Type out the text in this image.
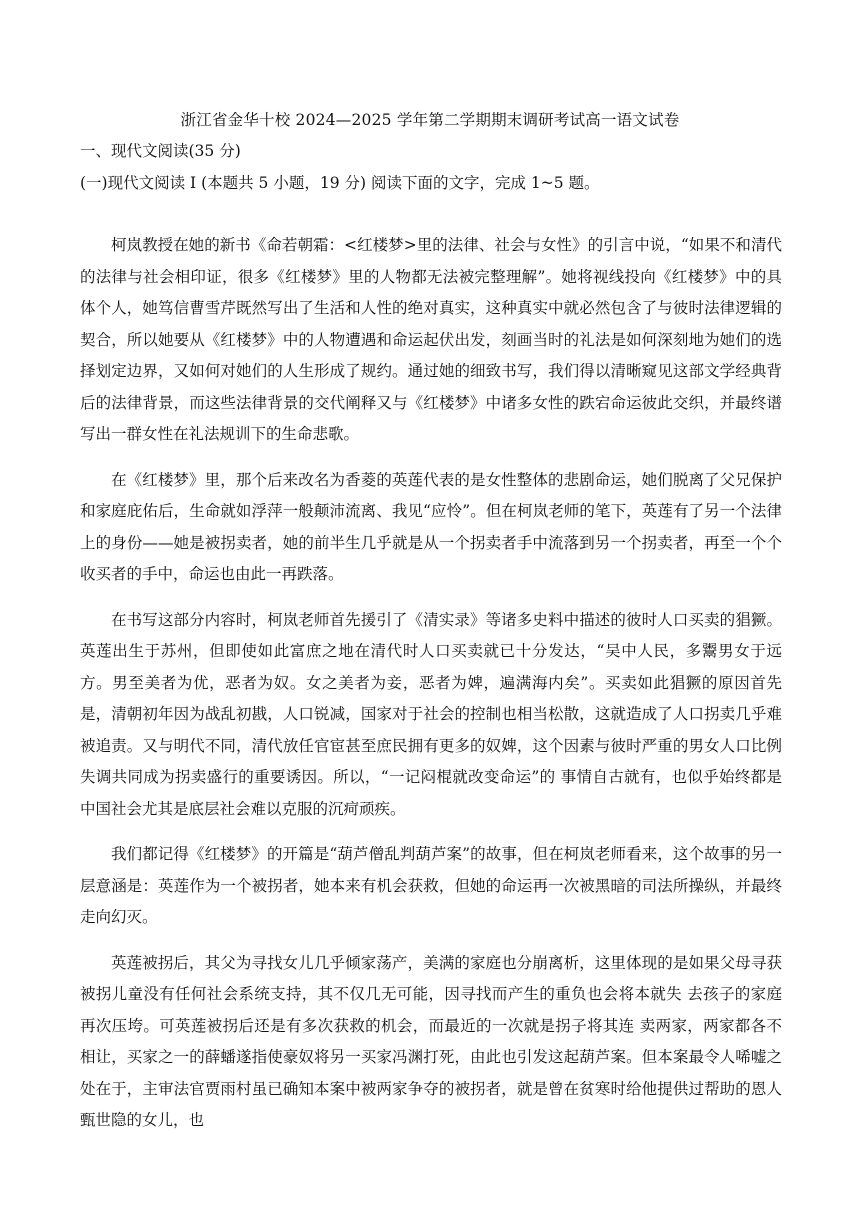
浙江省金华十校 2024—2025 学年第二学期期末调研考试高一语文试卷
一、现代文阅读(35 分)
(一)现代文阅读 I (本题共 5 小题，19 分) 阅读下面的文字，完成 1~5 题。

柯岚教授在她的新书《命若朝霜：<红楼梦>里的法律、社会与女性》的引言中说，“如果不和清代的法律与社会相印证，很多《红楼梦》里的人物都无法被完整理解”。她将视线投向《红楼梦》中的具体个人，她笃信曹雪芹既然写出了生活和人性的绝对真实，这种真实中就必然包含了与彼时法律逻辑的契合，所以她要从《红楼梦》中的人物遭遇和命运起伏出发，刻画当时的礼法是如何深刻地为她们的选择划定边界，又如何对她们的人生形成了规约。通过她的细致书写，我们得以清晰窥见这部文学经典背后的法律背景，而这些法律背景的交代阐释又与《红楼梦》中诸多女性的跌宕命运彼此交织，并最终谱写出一群女性在礼法规训下的生命悲歌。

在《红楼梦》里，那个后来改名为香菱的英莲代表的是女性整体的悲剧命运，她们脱离了父兄保护和家庭庇佑后，生命就如浮萍一般颠沛流离、我见“应怜”。但在柯岚老师的笔下，英莲有了另一个法律上的身份——她是被拐卖者，她的前半生几乎就是从一个拐卖者手中流落到另一个拐卖者，再至一个个收买者的手中，命运也由此一再跌落。

在书写这部分内容时，柯岚老师首先援引了《清实录》等诸多史料中描述的彼时人口买卖的猖獗。英莲出生于苏州，但即使如此富庶之地在清代时人口买卖就已十分发达，“吴中人民，多鬻男女于远方。男至美者为优，恶者为奴。女之美者为妾，恶者为婢，遍满海内矣”。买卖如此猖獗的原因首先是，清朝初年因为战乱初戡，人口锐减，国家对于社会的控制也相当松散，这就造成了人口拐卖几乎难被追责。又与明代不同，清代放任官宦甚至庶民拥有更多的奴婢，这个因素与彼时严重的男女人口比例失调共同成为拐卖盛行的重要诱因。所以，“一记闷棍就改变命运”的 事情自古就有，也似乎始终都是中国社会尤其是底层社会难以克服的沉疴顽疾。

我们都记得《红楼梦》的开篇是“葫芦僧乱判葫芦案”的故事，但在柯岚老师看来，这个故事的另一层意涵是：英莲作为一个被拐者，她本来有机会获救，但她的命运再一次被黑暗的司法所操纵，并最终走向幻灭。

英莲被拐后，其父为寻找女儿几乎倾家荡产，美满的家庭也分崩离析，这里体现的是如果父母寻获被拐儿童没有任何社会系统支持，其不仅几无可能，因寻找而产生的重负也会将本就失 去孩子的家庭再次压垮。可英莲被拐后还是有多次获救的机会，而最近的一次就是拐子将其连 卖两家，两家都各不相让，买家之一的薛蟠遂指使豪奴将另一买家冯渊打死，由此也引发这起葫芦案。但本案最令人唏嘘之处在于，主审法官贾雨村虽已确知本案中被两家争夺的被拐者，就是曾在贫寒时给他提供过帮助的恩人甄世隐的女儿，也
